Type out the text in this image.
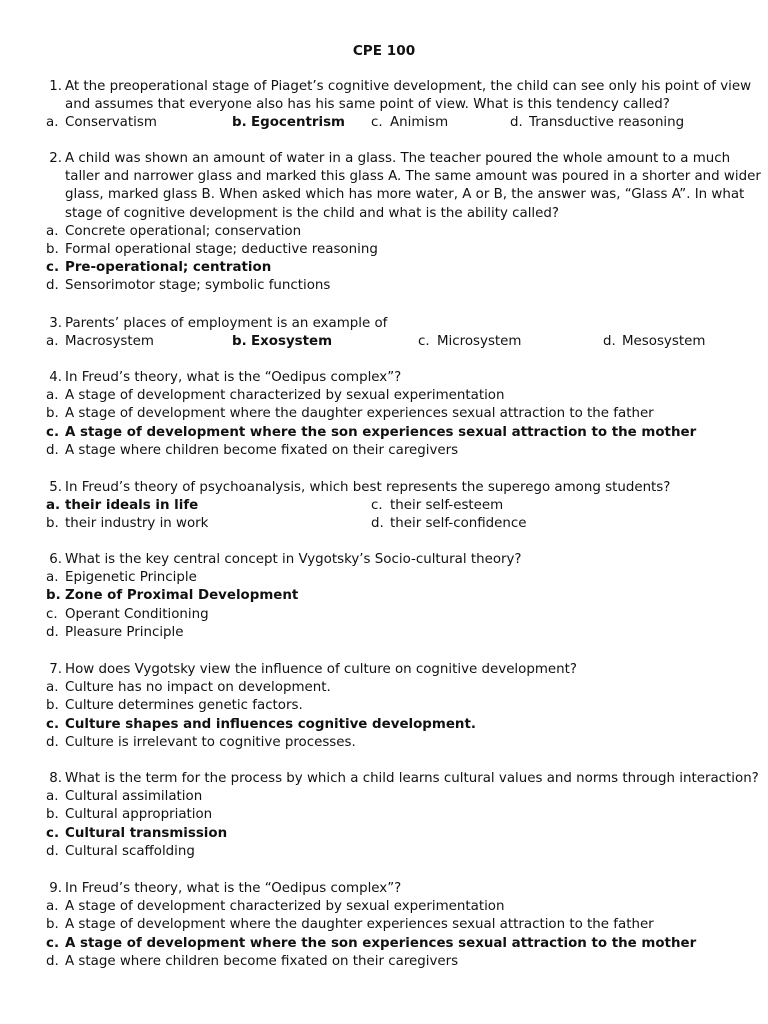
CPE 100
1. At the preoperational stage of Piaget’s cognitive development, the child can see only his point of view
and assumes that everyone also has his same point of view. What is this tendency called?
a. Conservatism	b. Egocentrism c. Animism	d. Transductive reasoning
2. A child was shown an amount of water in a glass. The teacher poured the whole amount to a much
taller and narrower glass and marked this glass A. The same amount was poured in a shorter and wider
glass, marked glass B. When asked which has more water, A or B, the answer was, “Glass A”. In what
stage of cognitive development is the child and what is the ability called?
a. Concrete operational; conservation
b. Formal operational stage; deductive reasoning
c. Pre-operational; centration
d. Sensorimotor stage; symbolic functions
3. Parents’ places of employment is an example of
a. Macrosystem	b. Exosystem	c. Microsystem	d. Mesosystem
4. In Freud’s theory, what is the “Oedipus complex”?
a. A stage of development characterized by sexual experimentation
b. A stage of development where the daughter experiences sexual attraction to the father
c. A stage of development where the son experiences sexual attraction to the mother
d. A stage where children become fixated on their caregivers
5. In Freud’s theory of psychoanalysis, which best represents the superego among students?
a. their ideals in life	c. their self-esteem
b. their industry in work	d. their self-confidence
6. What is the key central concept in Vygotsky’s Socio-cultural theory?
a. Epigenetic Principle
b. Zone of Proximal Development
c. Operant Conditioning
d. Pleasure Principle
7. How does Vygotsky view the influence of culture on cognitive development?
a. Culture has no impact on development.
b. Culture determines genetic factors.
c. Culture shapes and influences cognitive development.
d. Culture is irrelevant to cognitive processes.
8. What is the term for the process by which a child learns cultural values and norms through interaction?
a. Cultural assimilation
b. Cultural appropriation
c. Cultural transmission
d. Cultural scaffolding
9. In Freud’s theory, what is the “Oedipus complex”?
a. A stage of development characterized by sexual experimentation
b. A stage of development where the daughter experiences sexual attraction to the father
c. A stage of development where the son experiences sexual attraction to the mother
d. A stage where children become fixated on their caregivers
